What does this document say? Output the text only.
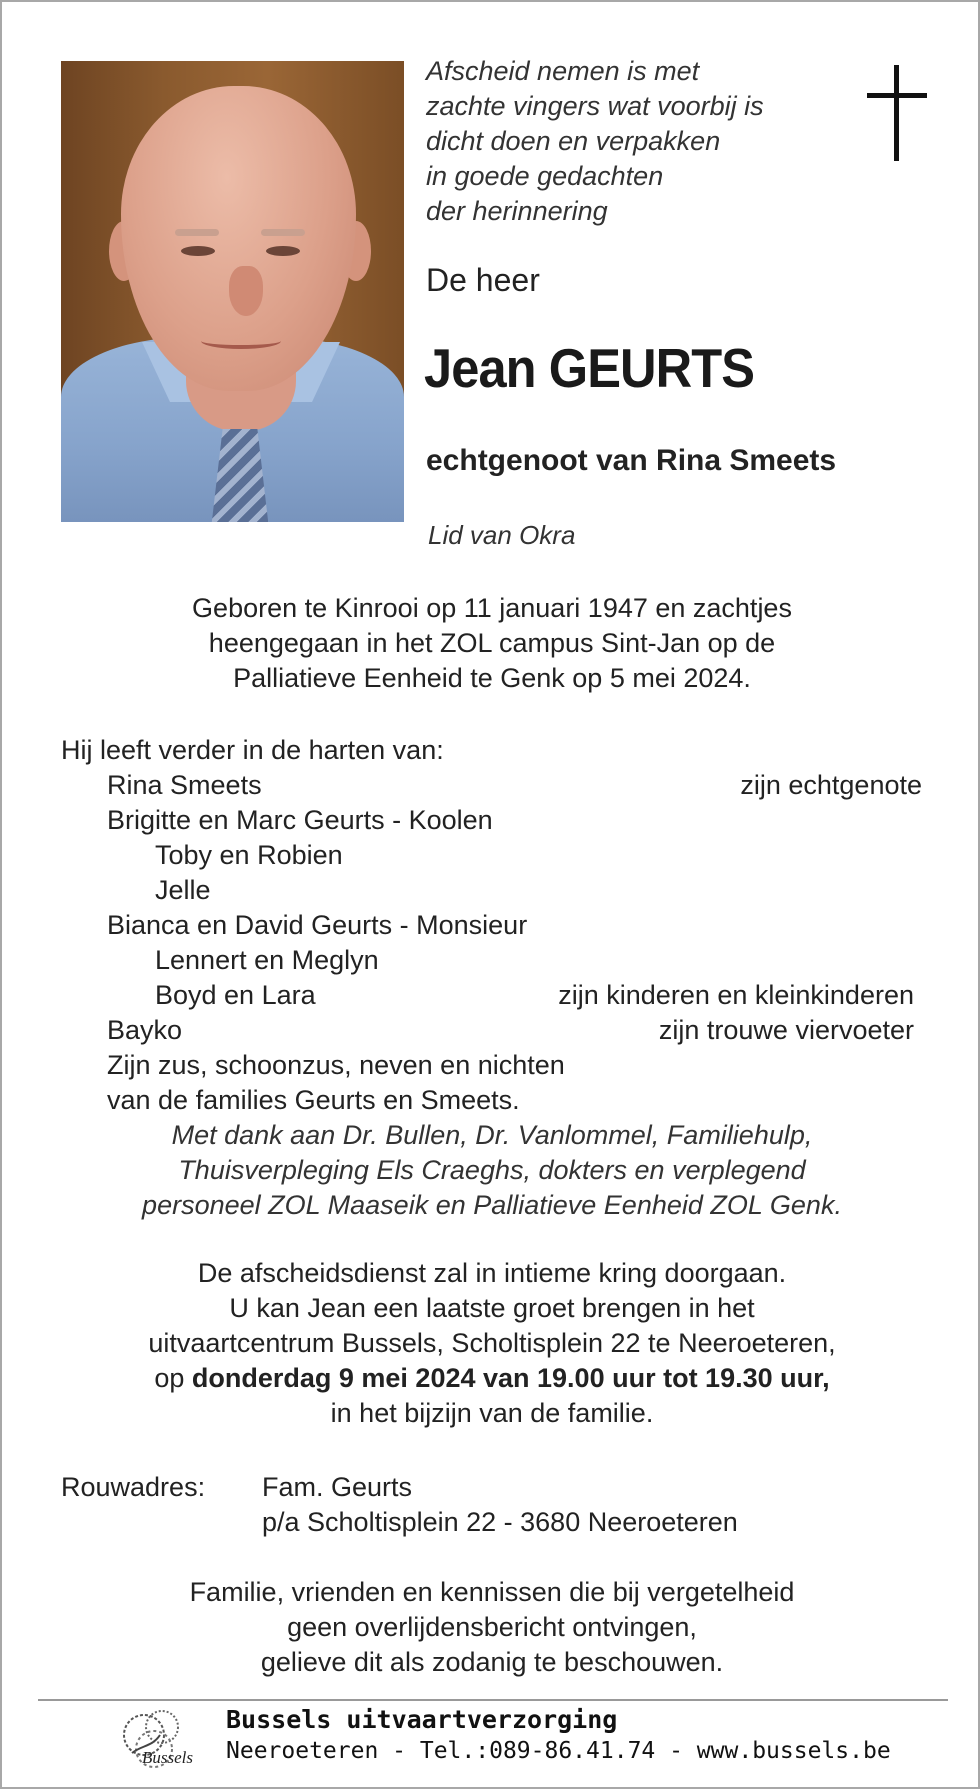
Afscheid nemen is met
zachte vingers wat voorbij is
dicht doen en verpakken
in goede gedachten
der herinnering
De heer
Jean GEURTS
echtgenoot van Rina Smeets
Lid van Okra
Geboren te Kinrooi op 11 januari 1947 en zachtjes
heengegaan in het ZOL campus Sint-Jan op de
Palliatieve Eenheid te Genk op 5 mei 2024.
Hij leeft verder in de harten van:
Rina Smeets	zijn echtgenote
Brigitte en Marc Geurts - Koolen
Toby en Robien
Jelle
Bianca en David Geurts - Monsieur
Lennert en Meglyn
Boyd en Lara	zijn kinderen en kleinkinderen
Bayko	zijn trouwe viervoeter
Zijn zus, schoonzus, neven en nichten
van de families Geurts en Smeets.
Met dank aan Dr. Bullen, Dr. Vanlommel, Familiehulp,
Thuisverpleging Els Craeghs, dokters en verplegend
personeel ZOL Maaseik en Palliatieve Eenheid ZOL Genk.
De afscheidsdienst zal in intieme kring doorgaan.
U kan Jean een laatste groet brengen in het
uitvaartcentrum Bussels, Scholtisplein 22 te Neeroeteren,
op donderdag 9 mei 2024 van 19.00 uur tot 19.30 uur,
in het bijzijn van de familie.
Rouwadres: Fam. Geurts
p/a Scholtisplein 22 - 3680 Neeroeteren
Familie, vrienden en kennissen die bij vergetelheid
geen overlijdensbericht ontvingen,
gelieve dit als zodanig te beschouwen.
Bussels
Bussels uitvaartverzorging
Neeroeteren - Tel.:089-86.41.74 - www.bussels.be
